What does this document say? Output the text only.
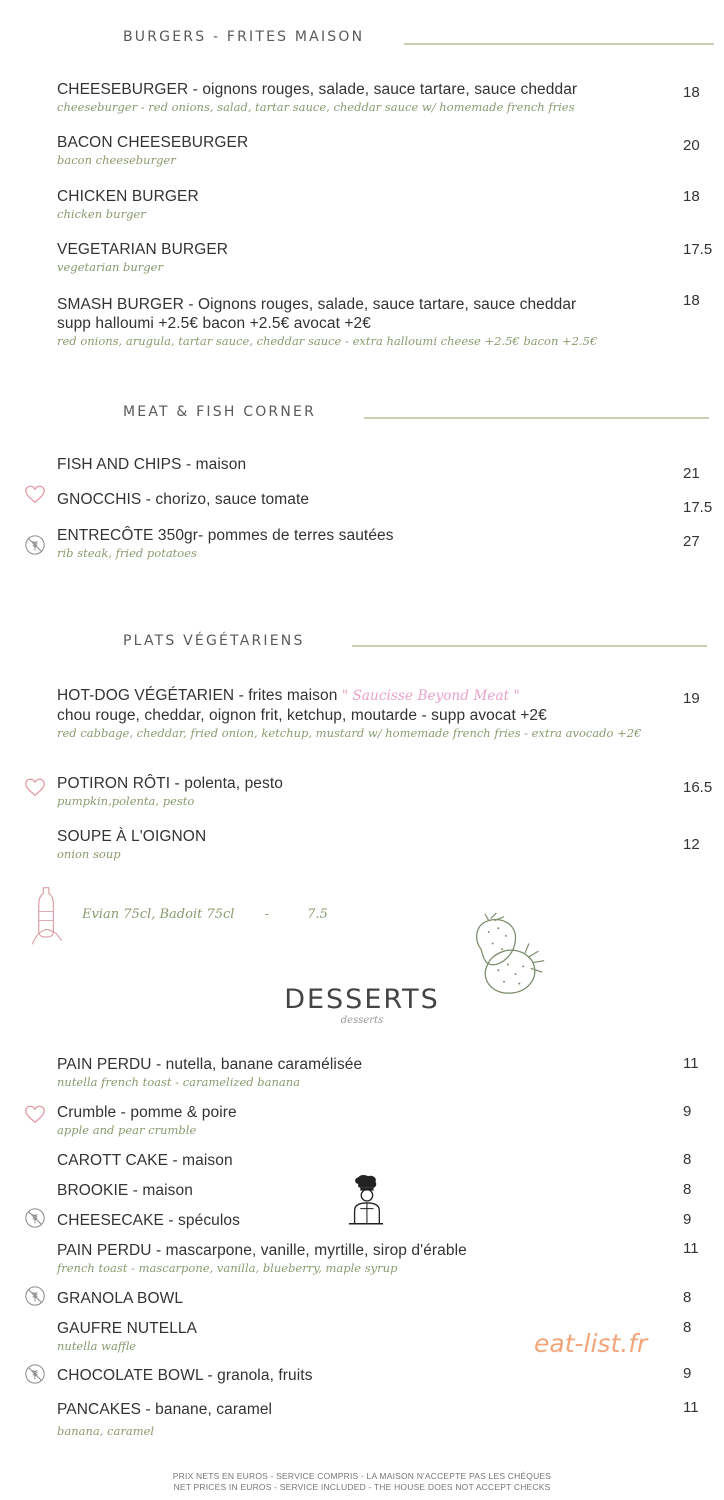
BURGERS - FRITES MAISON
CHEESEBURGER - oignons rouges, salade, sauce tartare, sauce cheddar
cheeseburger - red onions, salad, tartar sauce, cheddar sauce w/ homemade french fries
18
BACON CHEESEBURGER
bacon cheeseburger
20
CHICKEN BURGER
chicken burger
18
VEGETARIAN BURGER
vegetarian burger
17.5
SMASH BURGER - Oignons rouges, salade, sauce tartare, sauce cheddar
supp halloumi +2.5€ bacon +2.5€ avocat +2€
red onions, arugula, tartar sauce, cheddar sauce - extra halloumi cheese +2.5€ bacon +2.5€
18
MEAT & FISH CORNER
FISH AND CHIPS - maison
21
GNOCCHIS - chorizo, sauce tomate	17.5
ENTRECÔTE 350gr- pommes de terres sautées
rib steak, fried potatoes
27
PLATS VÉGÉTARIENS
HOT-DOG VÉGÉTARIEN - frites maison " Saucisse Beyond Meat "
chou rouge, cheddar, oignon frit, ketchup, moutarde - supp avocat +2€
red cabbage, cheddar, fried onion, ketchup, mustard w/ homemade french fries - extra avocado +2€
19
POTIRON RÔTI - polenta, pesto
pumpkin,polenta, pesto
16.5
SOUPE À L'OIGNON
onion soup
12
Evian 75cl, Badoit 75cl -	7.5
DESSERTS
desserts
PAIN PERDU - nutella, banane caramélisée
nutella french toast - caramelized banana
11
Crumble - pomme & poire
apple and pear crumble
9
CAROTT CAKE - maison	8
BROOKIE - maison	8
CHEESECAKE - spéculos	9
PAIN PERDU - mascarpone, vanille, myrtille, sirop d'érable
french toast - mascarpone, vanilla, blueberry, maple syrup
11
GRANOLA BOWL	8
GAUFRE NUTELLA
nutella waffle
8
eat-list.fr
CHOCOLATE BOWL - granola, fruits	9
PANCAKES - banane, caramel
banana, caramel
11
PRIX NETS EN EUROS - SERVICE COMPRIS - LA MAISON N'ACCEPTE PAS LES CHÈQUES
NET PRICES IN EUROS - SERVICE INCLUDED - THE HOUSE DOES NOT ACCEPT CHECKS
